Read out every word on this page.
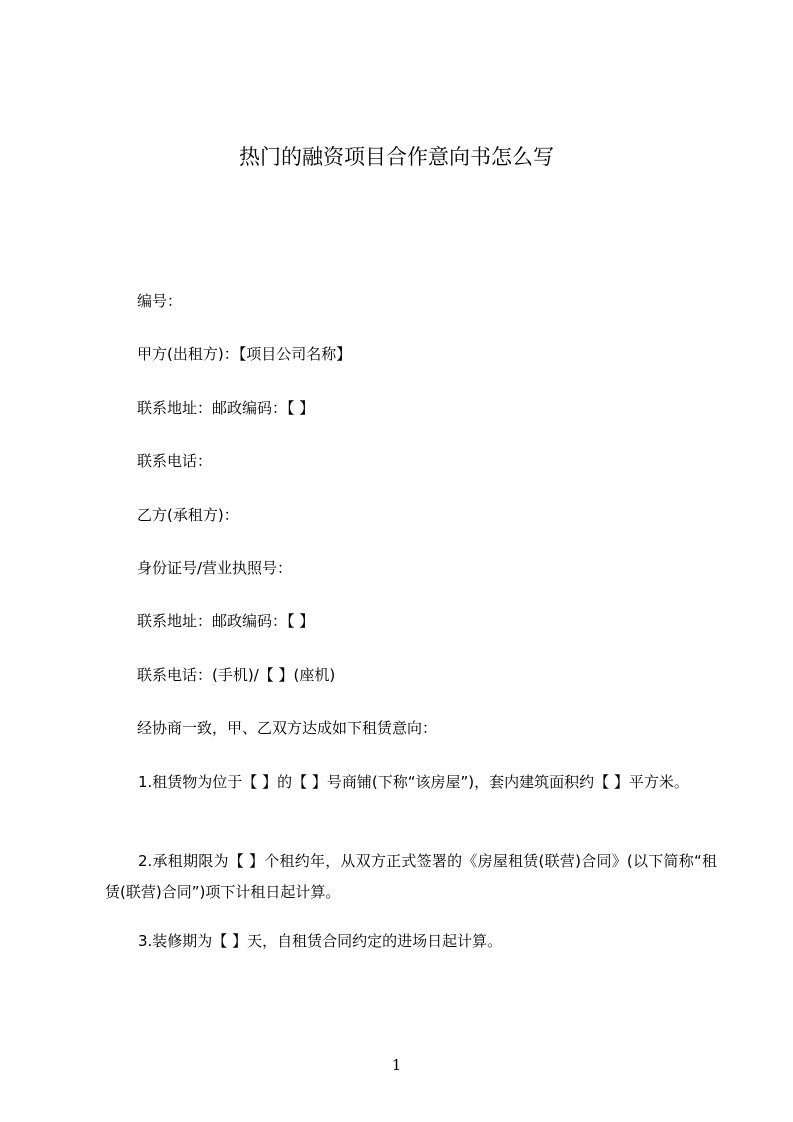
热门的融资项目合作意向书怎么写

编号：

甲方(出租方)：【项目公司名称】

联系地址：邮政编码：【 】

联系电话：

乙方(承租方)：

身份证号/营业执照号：

联系地址：邮政编码：【 】

联系电话：(手机)/【 】(座机)

经协商一致，甲、乙双方达成如下租赁意向：

1.租赁物为位于【 】的【 】号商铺(下称“该房屋”)，套内建筑面积约【 】平方米。

2.承租期限为【 】个租约年，从双方正式签署的《房屋租赁(联营)合同》(以下简称“租赁(联营)合同”)项下计租日起计算。

3.装修期为【 】天，自租赁合同约定的进场日起计算。

1
